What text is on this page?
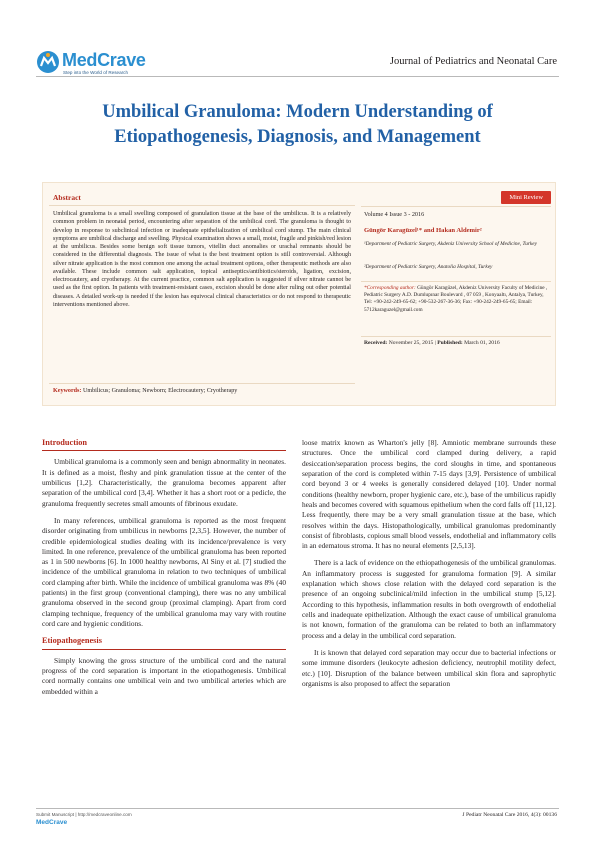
MedCrave
Step into the World of Research
Journal of Pediatrics and Neonatal Care
Umbilical Granuloma: Modern Understanding of Etiopathogenesis, Diagnosis, and Management
Abstract
Umbilical granuloma is a small swelling composed of granulation tissue at the base of the umbilicus. It is a relatively common problem in neonatal period, encountering after separation of the umbilical cord. The granuloma is thought to develop in response to subclinical infection or inadequate epithelialization of umbilical cord stump. The main clinical symptoms are umbilical discharge and swelling. Physical examination shows a small, moist, fragile and pinkish/red lesion at the umbilicus. Besides some benign soft tissue tumors, vitellin duct anomalies or urachal remnants should be considered in the differential diagnosis. The issue of what is the best treatment option is still controversial. Although silver nitrate application is the most common one among the actual treatment options, other therapeutic methods are also available. These include common salt application, topical antiseptics/antibiotics/steroids, ligation, excision, electrocautery, and cryotherapy. At the current practice, common salt application is suggested if silver nitrate cannot be used as the first option. In patients with treatment-resistant cases, excision should be done after ruling out other potential diseases. A detailed work-up is needed if the lesion has equivocal clinical characteristics or do not respond to therapeutic interventions mentioned above.
Keywords: Umbilicus; Granuloma; Newborn; Electrocautery; Cryotherapy
Mini Review
Volume 4 Issue 3 - 2016
Güngör Karagüzel¹* and Hakan Aldemir²
¹Department of Pediatric Surgery, Akdeniz University School of Medicine, Turkey
²Department of Pediatric Surgery, Anatolia Hospital, Turkey
*Corresponding author: Güngör Karagüzel, Akdeniz University Faculty of Medicine , Pediatric Surgery A.D. Dumlupınar Boulevard , 07 059 , Konyaaltı, Antalya, Turkey, Tel: +90-242-249-65-62; +90-532-267-36-36; Fax: +90-242-249-65-65; Email: 5712karaguzel@gmail.com
Received: November 25, 2015 | Published: March 01, 2016
Introduction

Umbilical granuloma is a commonly seen and benign abnormality in neonates. It is defined as a moist, fleshy and pink granulation tissue at the center of the umbilicus [1,2]. Characteristically, the granuloma becomes apparent after separation of the umbilical cord [3,4]. Whether it has a short root or a pedicle, the granuloma frequently secretes small amounts of fibrinous exudate.

In many references, umbilical granuloma is reported as the most frequent disorder originating from umbilicus in newborns [2,3,5]. However, the number of credible epidemiological studies dealing with its incidence/prevalence is very limited. In one reference, prevalence of the umbilical granuloma has been reported as 1 in 500 newborns [6]. In 1000 healthy newborns, Al Siny et al. [7] studied the incidence of the umbilical granuloma in relation to two techniques of umbilical cord clamping after birth. While the incidence of umbilical granuloma was 8% (40 patients) in the first group (conventional clamping), there was no any umbilical granuloma observed in the second group (proximal clamping). Apart from cord clamping technique, frequency of the umbilical granuloma may vary with routine cord care and hygienic conditions.

Etiopathogenesis

Simply knowing the gross structure of the umbilical cord and the natural progress of the cord separation is important in the etiopathogenesis. Umbilical cord normally contains one umbilical vein and two umbilical arteries which are embedded within a

loose matrix known as Wharton's jelly [8]. Amniotic membrane surrounds these structures. Once the umbilical cord clamped during delivery, a rapid desiccation/separation process begins, the cord sloughs in time, and spontaneous separation of the cord is completed within 7-15 days [3,9]. Persistence of umbilical cord beyond 3 or 4 weeks is generally considered delayed [10]. Under normal conditions (healthy newborn, proper hygienic care, etc.), base of the umbilicus rapidly heals and becomes covered with squamous epithelium when the cord falls off [11,12]. Less frequently, there may be a very small granulation tissue at the base, which resolves within the days. Histopathologically, umbilical granulomas predominantly consist of fibroblasts, copious small blood vessels, endothelial and inflammatory cells in an edematous stroma. It has no neural elements [2,5,13].

There is a lack of evidence on the ethiopathogenesis of the umbilical granulomas. An inflammatory process is suggested for granuloma formation [9]. A similar explanation which shows close relation with the delayed cord separation is the presence of an ongoing subclinical/mild infection in the umbilical stump [5,12]. According to this hypothesis, inflammation results in both overgrowth of endothelial cells and inadequate epithelization. Although the exact cause of umbilical granuloma is not known, formation of the granuloma can be related to both an inflammatory process and a delay in the umbilical cord separation.

It is known that delayed cord separation may occur due to bacterial infections or some immune disorders (leukocyte adhesion deficiency, neutrophil motility defect, etc.) [10]. Disruption of the balance between umbilical skin flora and saprophytic organisms is also proposed to affect the separation

Submit Manuscript | http://medcraveonline.com
MedCrave
J Pediatr Neonatal Care 2016, 4(3): 00136
